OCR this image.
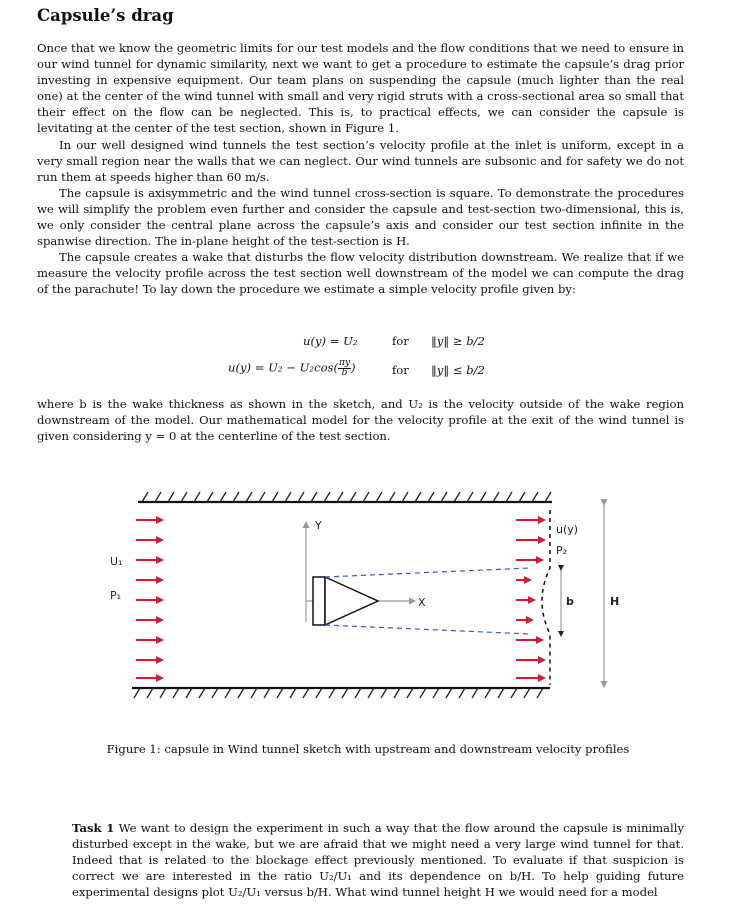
Capsule’s drag

Once that we know the geometric limits for our test models and the flow conditions that we need to ensure in our wind tunnel for dynamic similarity, next we want to get a procedure to estimate the capsule’s drag prior investing in expensive equipment. Our team plans on suspending the capsule (much lighter than the real one) at the center of the wind tunnel with small and very rigid struts with a cross-sectional area so small that their effect on the flow can be neglected. This is, to practical effects, we can consider the capsule is levitating at the center of the test section, shown in Figure 1.

In our well designed wind tunnels the test section’s velocity profile at the inlet is uniform, except in a very small region near the walls that we can neglect. Our wind tunnels are subsonic and for safety we do not run them at speeds higher than 60 m/s.

The capsule is axisymmetric and the wind tunnel cross-section is square. To demonstrate the procedures we will simplify the problem even further and consider the capsule and test-section two-dimensional, this is, we only consider the central plane across the capsule’s axis and consider our test section infinite in the spanwise direction. The in-plane height of the test-section is H.

The capsule creates a wake that disturbs the flow velocity distribution downstream. We realize that if we measure the velocity profile across the test section well downstream of the model we can compute the drag of the parachute! To lay down the procedure we estimate a simple velocity profile given by:

u(y) = U₂	for ‖y‖ ≥ b/2
$u(y) = U_2 - U_2\cos( \frac{\pi y}{b}$ )	for ‖y‖ ≤ b/2

where b is the wake thickness as shown in the sketch, and U₂ is the velocity outside of the wake region downstream of the model. Our mathematical model for the velocity profile at the exit of the wind tunnel is given considering y = 0 at the centerline of the test section.

U₁
P₁
Y
X
u(y)
P₂
b	H
Figure 1: capsule in Wind tunnel sketch with upstream and downstream velocity profiles
Task 1 We want to design the experiment in such a way that the flow around the capsule is minimally disturbed except in the wake, but we are afraid that we might need a very large wind tunnel for that. Indeed that is related to the blockage effect previously mentioned. To evaluate if that suspicion is correct we are interested in the ratio U₂/U₁ and its dependence on b/H. To help guiding future experimental designs plot U₂/U₁ versus b/H. What wind tunnel height H we would need for a model
